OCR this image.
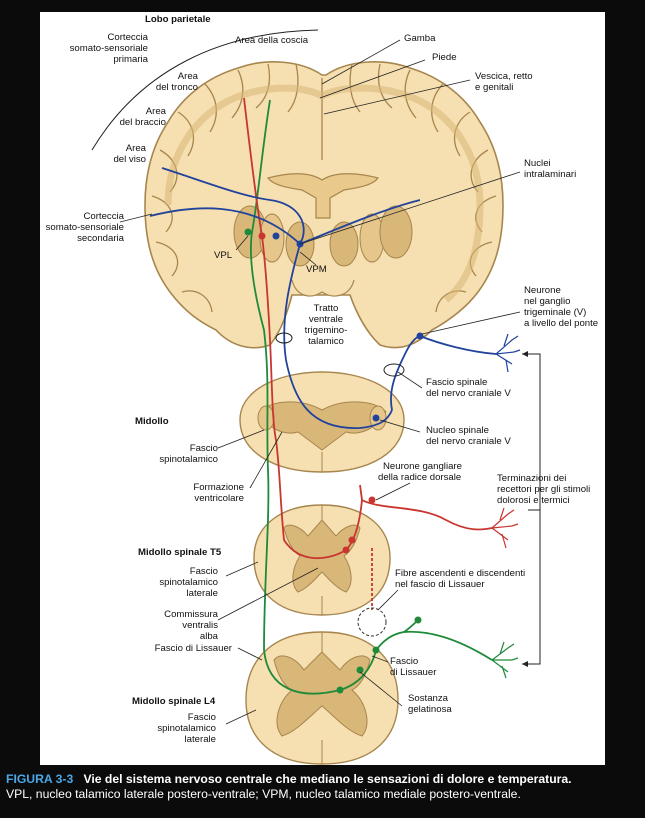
Lobo parietale
Corteccia
somato-sensoriale
primaria
Area della coscia	Gamba
Piede
Vescica, retto
e genitali
Area
del tronco
Area
del braccio
Area
del viso	Nuclei
intralaminari
Corteccia
somato-sensoriale
secondaria
VPL
VPM
Tratto
ventrale
trigemino-
talamico
Neurone
nel ganglio
trigeminale (V)
a livello del ponte
Fascio spinale
del nervo craniale V
Midollo
Fascio
spinotalamico
Nucleo spinale
del nervo craniale V
Formazione
ventricolare
Neurone gangliare
della radice dorsale	Terminazioni dei
recettori per gli stimoli
dolorosi e termici
Midollo spinale T5
Fascio
spinotalamico
laterale
Fibre ascendenti e discendenti
nel fascio di Lissauer
Commissura
ventralis
alba
Fascio di Lissauer
Fascio
di Lissauer
Midollo spinale L4	Sostanza
gelatinosa
Fascio
spinotalamico
laterale
FIGURA 3-3 Vie del sistema nervoso centrale che mediano le sensazioni di dolore e temperatura.
VPL, nucleo talamico laterale postero-ventrale; VPM, nucleo talamico mediale postero-ventrale.
